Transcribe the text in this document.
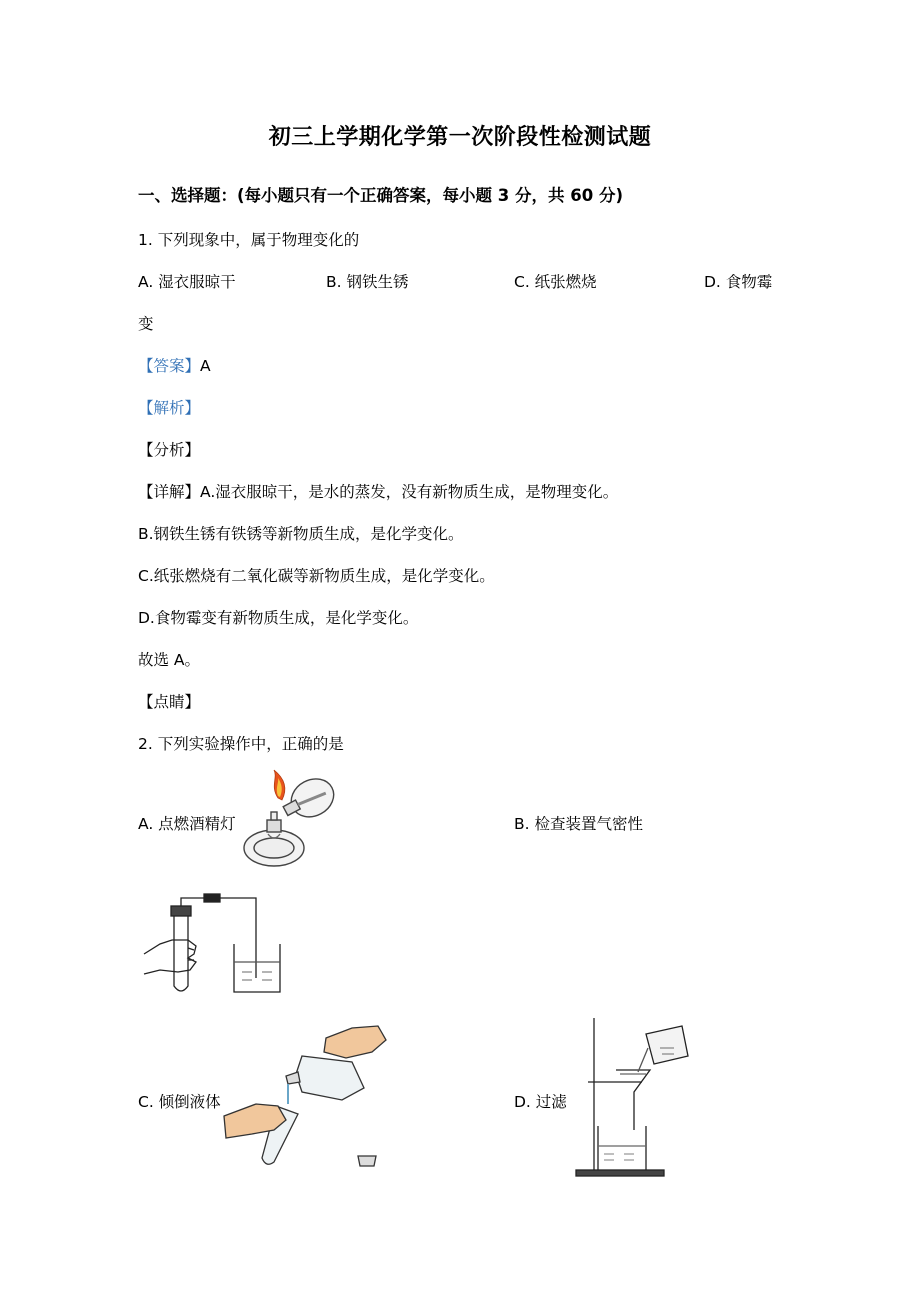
初三上学期化学第一次阶段性检测试题
一、选择题：(每小题只有一个正确答案，每小题 3 分，共 60 分)
1. 下列现象中，属于物理变化的
A. 湿衣服晾干	B. 钢铁生锈	C. 纸张燃烧	D. 食物霉
变
【答案】A
【解析】
【分析】
【详解】A.湿衣服晾干，是水的蒸发，没有新物质生成，是物理变化。
B.钢铁生锈有铁锈等新物质生成，是化学变化。
C.纸张燃烧有二氧化碳等新物质生成，是化学变化。
D.食物霉变有新物质生成，是化学变化。
故选 A。
【点睛】
2. 下列实验操作中，正确的是
A. 点燃酒精灯	B. 检查装置气密性
C. 倾倒液体	D. 过滤
